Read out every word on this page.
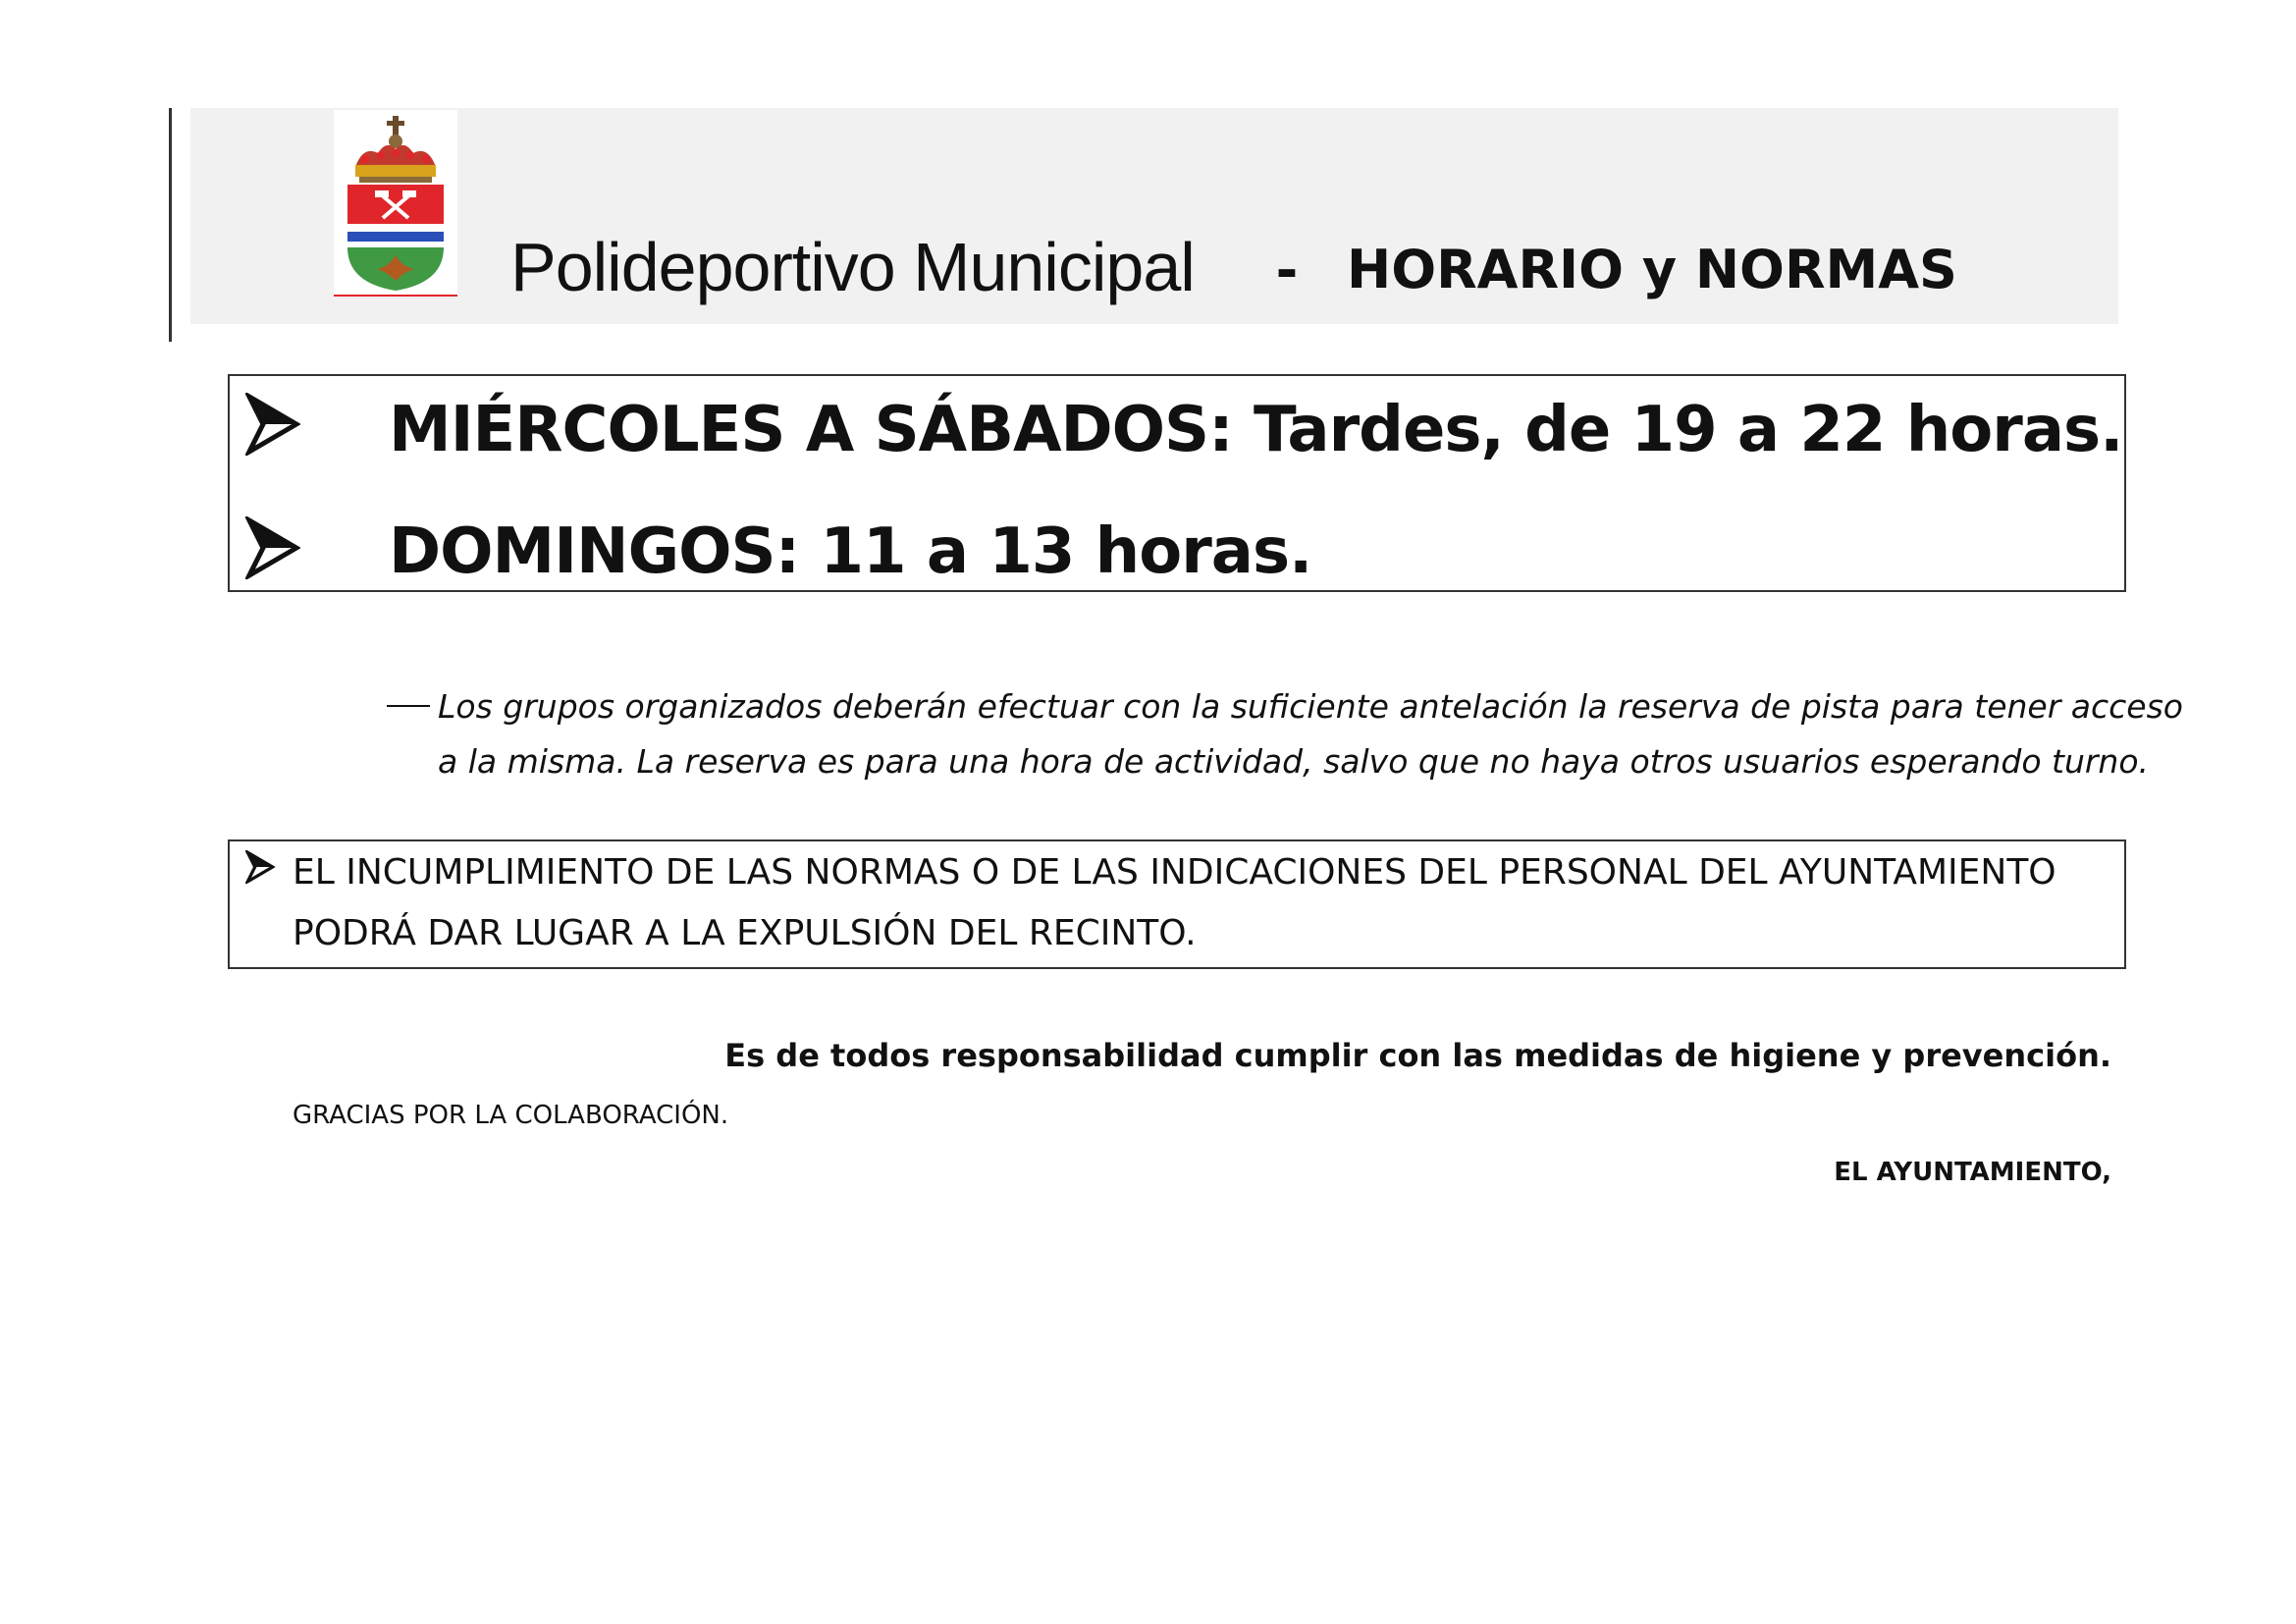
Polideportivo Municipal - HORARIO y NORMAS
MIÉRCOLES A SÁBADOS: Tardes, de 19 a 22 horas.
DOMINGOS: 11 a 13 horas.
Los grupos organizados deberán efectuar con la suficiente antelación la reserva de pista para tener acceso
a la misma. La reserva es para una hora de actividad, salvo que no haya otros usuarios esperando turno.
EL INCUMPLIMIENTO DE LAS NORMAS O DE LAS INDICACIONES DEL PERSONAL DEL AYUNTAMIENTO
PODRÁ DAR LUGAR A LA EXPULSIÓN DEL RECINTO.
Es de todos responsabilidad cumplir con las medidas de higiene y prevención.
GRACIAS POR LA COLABORACIÓN.
EL AYUNTAMIENTO,
